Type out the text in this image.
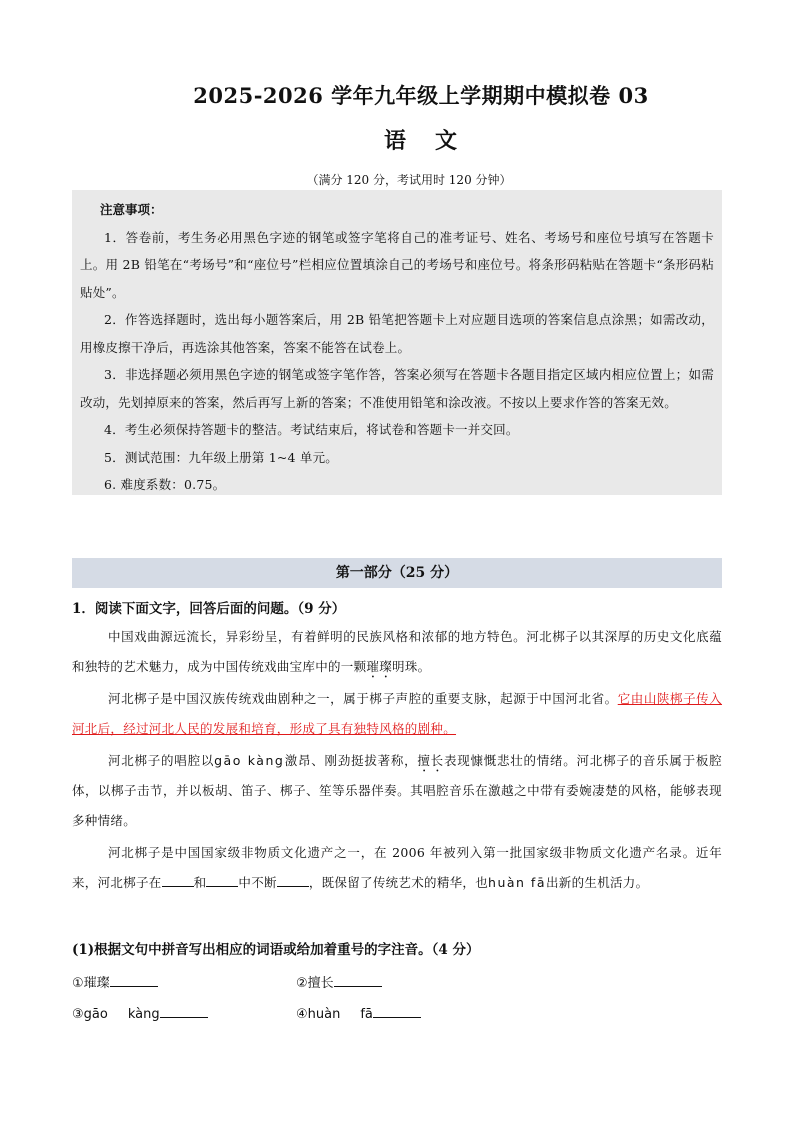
2025-2026 学年九年级上学期期中模拟卷 03
语 文
（满分 120 分，考试用时 120 分钟）
注意事项：

1．答卷前，考生务必用黑色字迹的钢笔或签字笔将自己的准考证号、姓名、考场号和座位号填写在答题卡上。用 2B 铅笔在“考场号”和“座位号”栏相应位置填涂自己的考场号和座位号。将条形码粘贴在答题卡“条形码粘贴处”。

2．作答选择题时，选出每小题答案后，用 2B 铅笔把答题卡上对应题目选项的答案信息点涂黑；如需改动，用橡皮擦干净后，再选涂其他答案，答案不能答在试卷上。

3．非选择题必须用黑色字迹的钢笔或签字笔作答，答案必须写在答题卡各题目指定区域内相应位置上；如需改动，先划掉原来的答案，然后再写上新的答案；不准使用铅笔和涂改液。不按以上要求作答的答案无效。

4．考生必须保持答题卡的整洁。考试结束后，将试卷和答题卡一并交回。

5．测试范围：九年级上册第 1~4 单元。

6. 难度系数：0.75。

第一部分（25 分）
1．阅读下面文字，回答后面的问题。（9 分）

中国戏曲源远流长，异彩纷呈，有着鲜明的民族风格和浓郁的地方特色。河北梆子以其深厚的历史文化底蕴和独特的艺术魅力，成为中国传统戏曲宝库中的一颗璀璨明珠。

河北梆子是中国汉族传统戏曲剧种之一，属于梆子声腔的重要支脉，起源于中国河北省。它由山陕梆子传入河北后，经过河北人民的发展和培育，形成了具有独特风格的剧种。

河北梆子的唱腔以gāo kàng激昂、刚劲挺拔著称，擅长表现慷慨悲壮的情绪。河北梆子的音乐属于板腔体，以梆子击节，并以板胡、笛子、梆子、笙等乐器伴奏。其唱腔音乐在激越之中带有委婉凄楚的风格，能够表现多种情绪。

河北梆子是中国国家级非物质文化遗产之一，在 2006 年被列入第一批国家级非物质文化遗产名录。近年来，河北梆子在	和	中不断	，既保留了传统艺术的精华，也huàn fā出新的生机活力。

(1)根据文句中拼音写出相应的词语或给加着重号的字注音。（4 分）
①璀璨	②擅长
③gāo kàng	④huàn fā
